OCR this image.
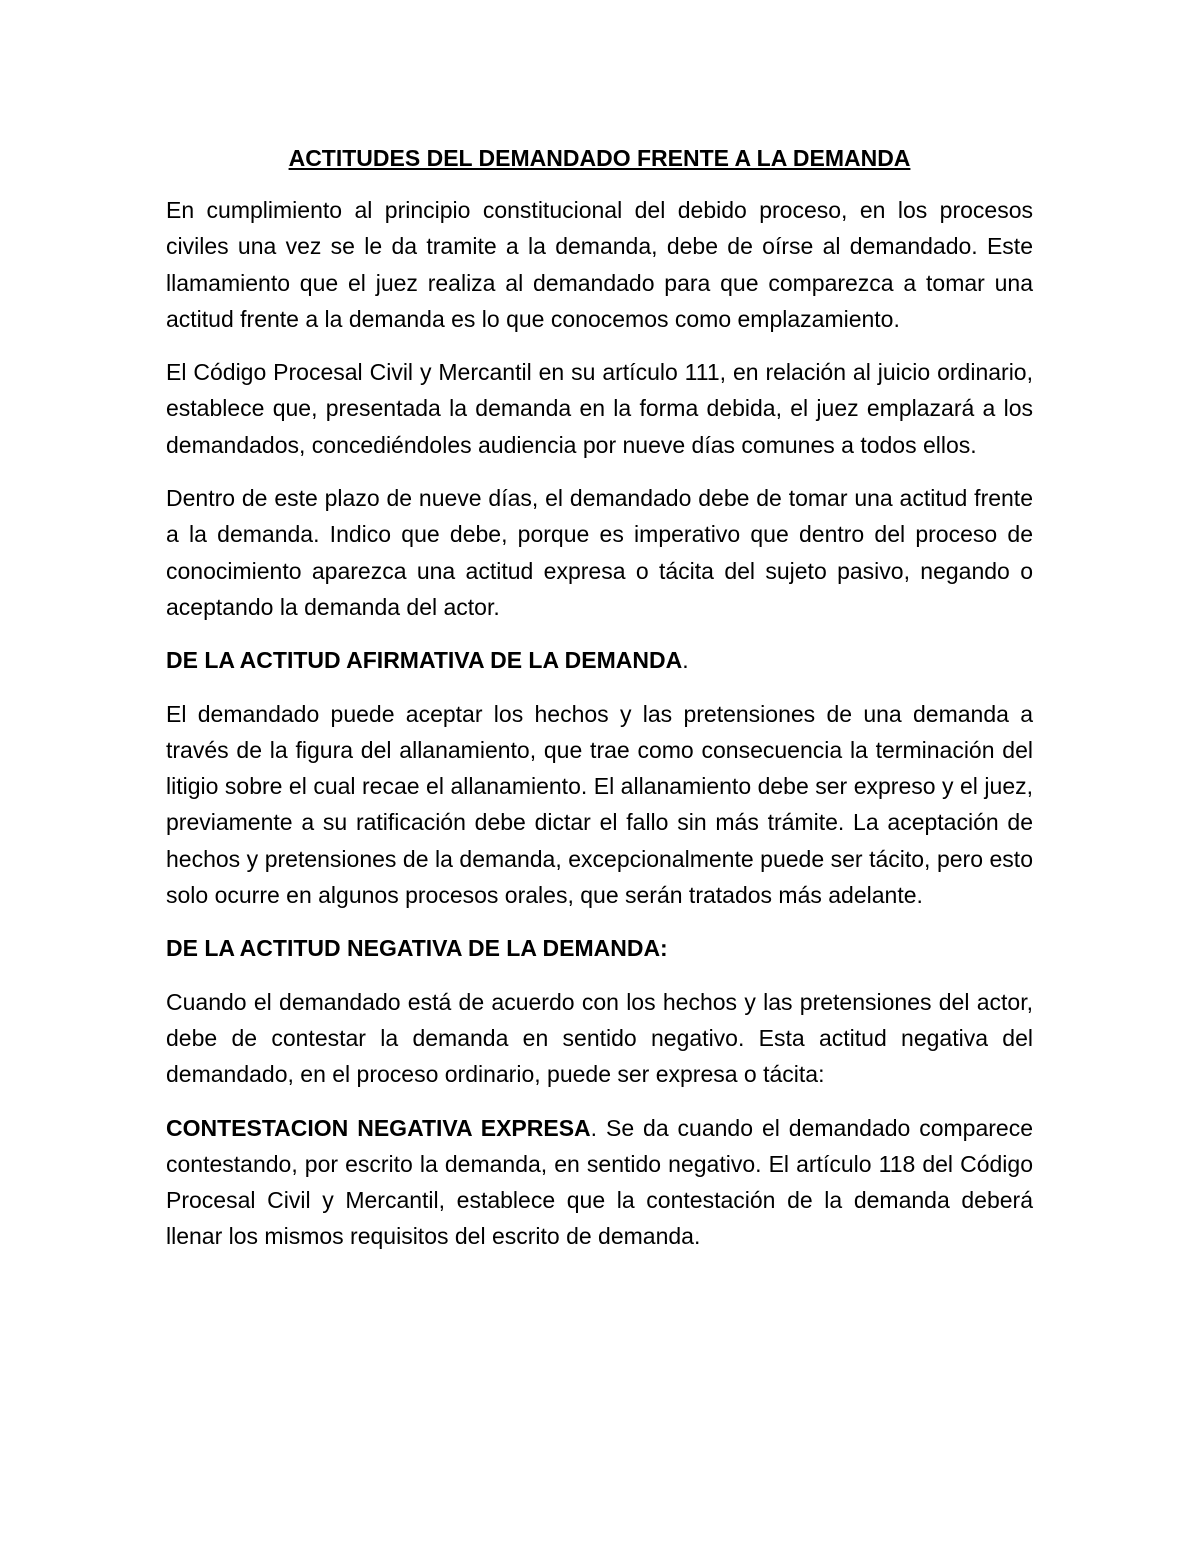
ACTITUDES DEL DEMANDADO FRENTE A LA DEMANDA

En cumplimiento al principio constitucional del debido proceso, en los procesos civiles una vez se le da tramite a la demanda, debe de oírse al demandado. Este llamamiento que el juez realiza al demandado para que comparezca a tomar una actitud frente a la demanda es lo que conocemos como emplazamiento.

El Código Procesal Civil y Mercantil en su artículo 111, en relación al juicio ordinario, establece que, presentada la demanda en la forma debida, el juez emplazará a los demandados, concediéndoles audiencia por nueve días comunes a todos ellos.

Dentro de este plazo de nueve días, el demandado debe de tomar una actitud frente a la demanda. Indico que debe, porque es imperativo que dentro del proceso de conocimiento aparezca una actitud expresa o tácita del sujeto pasivo, negando o aceptando la demanda del actor.

DE LA ACTITUD AFIRMATIVA DE LA DEMANDA.

El demandado puede aceptar los hechos y las pretensiones de una demanda a través de la figura del allanamiento, que trae como consecuencia la terminación del litigio sobre el cual recae el allanamiento. El allanamiento debe ser expreso y el juez, previamente a su ratificación debe dictar el fallo sin más trámite. La aceptación de hechos y pretensiones de la demanda, excepcionalmente puede ser tácito, pero esto solo ocurre en algunos procesos orales, que serán tratados más adelante.

DE LA ACTITUD NEGATIVA DE LA DEMANDA:

Cuando el demandado está de acuerdo con los hechos y las pretensiones del actor, debe de contestar la demanda en sentido negativo. Esta actitud negativa del demandado, en el proceso ordinario, puede ser expresa o tácita:

CONTESTACION NEGATIVA EXPRESA. Se da cuando el demandado comparece contestando, por escrito la demanda, en sentido negativo. El artículo 118 del Código Procesal Civil y Mercantil, establece que la contestación de la demanda deberá llenar los mismos requisitos del escrito de demanda.
